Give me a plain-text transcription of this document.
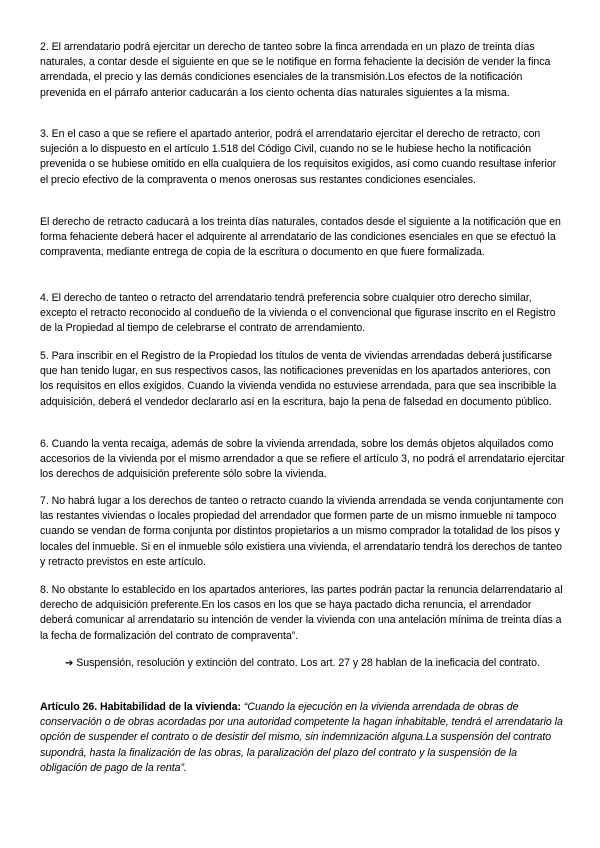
2. El arrendatario podrá ejercitar un derecho de tanteo sobre la finca arrendada en un plazo de treinta días naturales, a contar desde el siguiente en que se le notifique en forma fehaciente la decisión de vender la finca arrendada, el precio y las demás condiciones esenciales de la transmisión.Los efectos de la notificación prevenida en el párrafo anterior caducarán a los ciento ochenta días naturales siguientes a la misma.

3. En el caso a que se refiere el apartado anterior, podrá el arrendatario ejercitar el derecho de retracto, con sujeción a lo dispuesto en el artículo 1.518 del Código Civil, cuando no se le hubiese hecho la notificación prevenida o se hubiese omitido en ella cualquiera de los requisitos exigidos, así como cuando resultase inferior el precio efectivo de la compraventa o menos onerosas sus restantes condiciones esenciales.

El derecho de retracto caducará a los treinta días naturales, contados desde el siguiente a la notificación que en forma fehaciente deberá hacer el adquirente al arrendatario de las condiciones esenciales en que se efectuó la compraventa, mediante entrega de copia de la escritura o documento en que fuere formalizada.

4. El derecho de tanteo o retracto del arrendatario tendrá preferencia sobre cualquier otro derecho similar, excepto el retracto reconocido al condueño de la vivienda o el convencional que figurase inscrito en el Registro de la Propiedad al tiempo de celebrarse el contrato de arrendamiento.

5. Para inscribir en el Registro de la Propiedad los títulos de venta de viviendas arrendadas deberá justificarse que han tenido lugar, en sus respectivos casos, las notificaciones prevenidas en los apartados anteriores, con los requisitos en ellos exigidos. Cuando la vivienda vendida no estuviese arrendada, para que sea inscribible la adquisición, deberá el vendedor declararlo así en la escritura, bajo la pena de falsedad en documento público.

6. Cuando la venta recaiga, además de sobre la vivienda arrendada, sobre los demás objetos alquilados como accesorios de la vivienda por el mismo arrendador a que se refiere el artículo 3, no podrá el arrendatario ejercitar los derechos de adquisición preferente sólo sobre la vivienda.

7. No habrá lugar a los derechos de tanteo o retracto cuando la vivienda arrendada se venda conjuntamente con las restantes viviendas o locales propiedad del arrendador que formen parte de un mismo inmueble ni tampoco cuando se vendan de forma conjunta por distintos propietarios a un mismo comprador la totalidad de los pisos y locales del inmueble. Si en el inmueble sólo existiera una vivienda, el arrendatario tendrá los derechos de tanteo y retracto previstos en este artículo.

8. No obstante lo establecido en los apartados anteriores, las partes podrán pactar la renuncia delarrendatario al derecho de adquisición preferente.En los casos en los que se haya pactado dicha renuncia, el arrendador deberá comunicar al arrendatario su intención de vender la vivienda con una antelación mínima de treinta días a la fecha de formalización del contrato de compraventa”.

➔ Suspensión, resolución y extinción del contrato. Los art. 27 y 28 hablan de la ineficacia del contrato.

Artículo 26. Habitabilidad de la vivienda: “Cuando la ejecución en la vivienda arrendada de obras de conservación o de obras acordadas por una autoridad competente la hagan inhabitable, tendrá el arrendatario la opción de suspender el contrato o de desistir del mismo, sin indemnización alguna.La suspensión del contrato supondrá, hasta la finalización de las obras, la paralización del plazo del contrato y la suspensión de la obligación de pago de la renta”.
